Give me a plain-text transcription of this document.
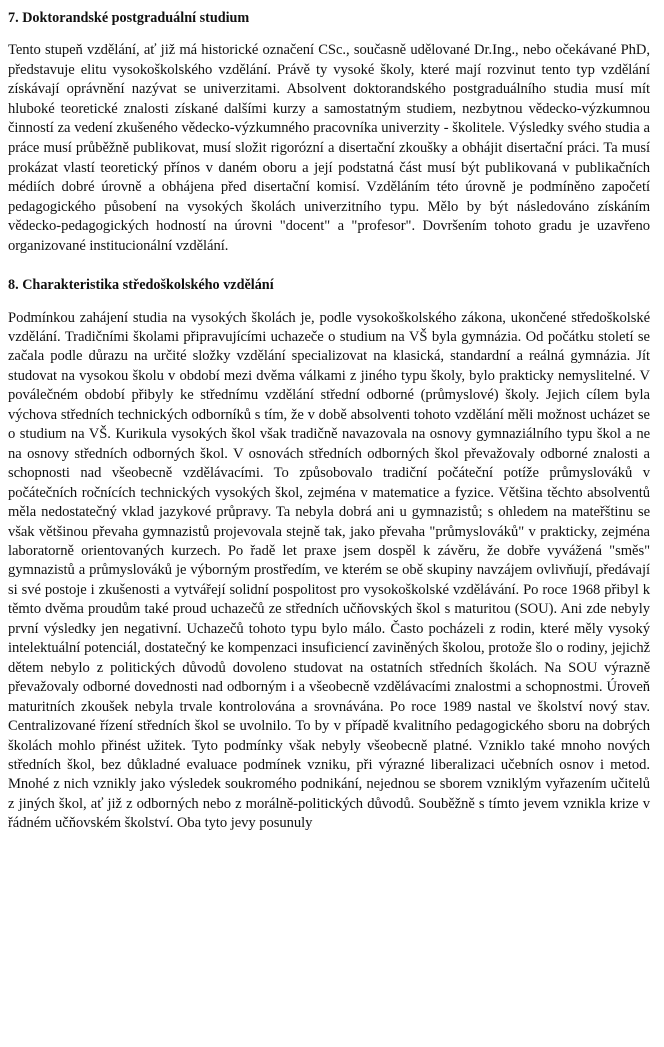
7. Doktorandské postgraduální studium

Tento stupeň vzdělání, ať již má historické označení CSc., současně udělované Dr.Ing., nebo očekávané PhD, představuje elitu vysokoškolského vzdělání. Právě ty vysoké školy, které mají rozvinut tento typ vzdělání získávají oprávnění nazývat se univerzitami. Absolvent doktorandského postgraduálního studia musí mít hluboké teoretické znalosti získané dalšími kurzy a samostatným studiem, nezbytnou vědecko-výzkumnou činností za vedení zkušeného vědecko-výzkumného pracovníka univerzity - školitele. Výsledky svého studia a práce musí průběžně publikovat, musí složit rigorózní a disertační zkoušky a obhájit disertační práci. Ta musí prokázat vlastí teoretický přínos v daném oboru a její podstatná část musí být publikovaná v publikačních médiích dobré úrovně a obhájena před disertační komisí. Vzděláním této úrovně je podmíněno započetí pedagogického působení na vysokých školách univerzitního typu. Mělo by být následováno získáním vědecko-pedagogických hodností na úrovni "docent" a "profesor". Dovršením tohoto gradu je uzavřeno organizované institucionální vzdělání.

8. Charakteristika středoškolského vzdělání

Podmínkou zahájení studia na vysokých školách je, podle vysokoškolského zákona, ukončené středoškolské vzdělání. Tradičními školami připravujícími uchazeče o studium na VŠ byla gymnázia. Od počátku století se začala podle důrazu na určité složky vzdělání specializovat na klasická, standardní a reálná gymnázia. Jít studovat na vysokou školu v období mezi dvěma válkami z jiného typu školy, bylo prakticky nemyslitelné. V poválečném období přibyly ke střednímu vzdělání střední odborné (průmyslové) školy. Jejich cílem byla výchova středních technických odborníků s tím, že v době absolventi tohoto vzdělání měli možnost ucházet se o studium na VŠ. Kurikula vysokých škol však tradičně navazovala na osnovy gymnaziálního typu škol a ne na osnovy středních odborných škol. V osnovách středních odborných škol převažovaly odborné znalosti a schopnosti nad všeobecně vzdělávacími. To způsobovalo tradiční počáteční potíže průmyslováků v počátečních ročnících technických vysokých škol, zejména v matematice a fyzice. Většina těchto absolventů měla nedostatečný vklad jazykové průpravy. Ta nebyla dobrá ani u gymnazistů; s ohledem na mateřštinu se však většinou převaha gymnazistů projevovala stejně tak, jako převaha "průmyslováků" v prakticky, zejména laboratorně orientovaných kurzech. Po řadě let praxe jsem dospěl k závěru, že dobře vyvážená "směs" gymnazistů a průmyslováků je výborným prostředím, ve kterém se obě skupiny navzájem ovlivňují, předávají si své postoje i zkušenosti a vytvářejí solidní pospolitost pro vysokoškolské vzdělávání. Po roce 1968 přibyl k těmto dvěma proudům také proud uchazečů ze středních učňovských škol s maturitou (SOU). Ani zde nebyly první výsledky jen negativní. Uchazečů tohoto typu bylo málo. Často pocházeli z rodin, které měly vysoký intelektuální potenciál, dostatečný ke kompenzaci insuficiencí zaviněných školou, protože šlo o rodiny, jejichž dětem nebylo z politických důvodů dovoleno studovat na ostatních středních školách. Na SOU výrazně převažovaly odborné dovednosti nad odborným i a všeobecně vzdělávacími znalostmi a schopnostmi. Úroveň maturitních zkoušek nebyla trvale kontrolována a srovnávána. Po roce 1989 nastal ve školství nový stav. Centralizované řízení středních škol se uvolnilo. To by v případě kvalitního pedagogického sboru na dobrých školách mohlo přinést užitek. Tyto podmínky však nebyly všeobecně platné. Vzniklo také mnoho nových středních škol, bez důkladné evaluace podmínek vzniku, při výrazné liberalizaci učebních osnov i metod. Mnohé z nich vznikly jako výsledek soukromého podnikání, nejednou se sborem vzniklým vyřazením učitelů z jiných škol, ať již z odborných nebo z morálně-politických důvodů. Souběžně s tímto jevem vznikla krize v řádném učňovském školství. Oba tyto jevy posunuly
